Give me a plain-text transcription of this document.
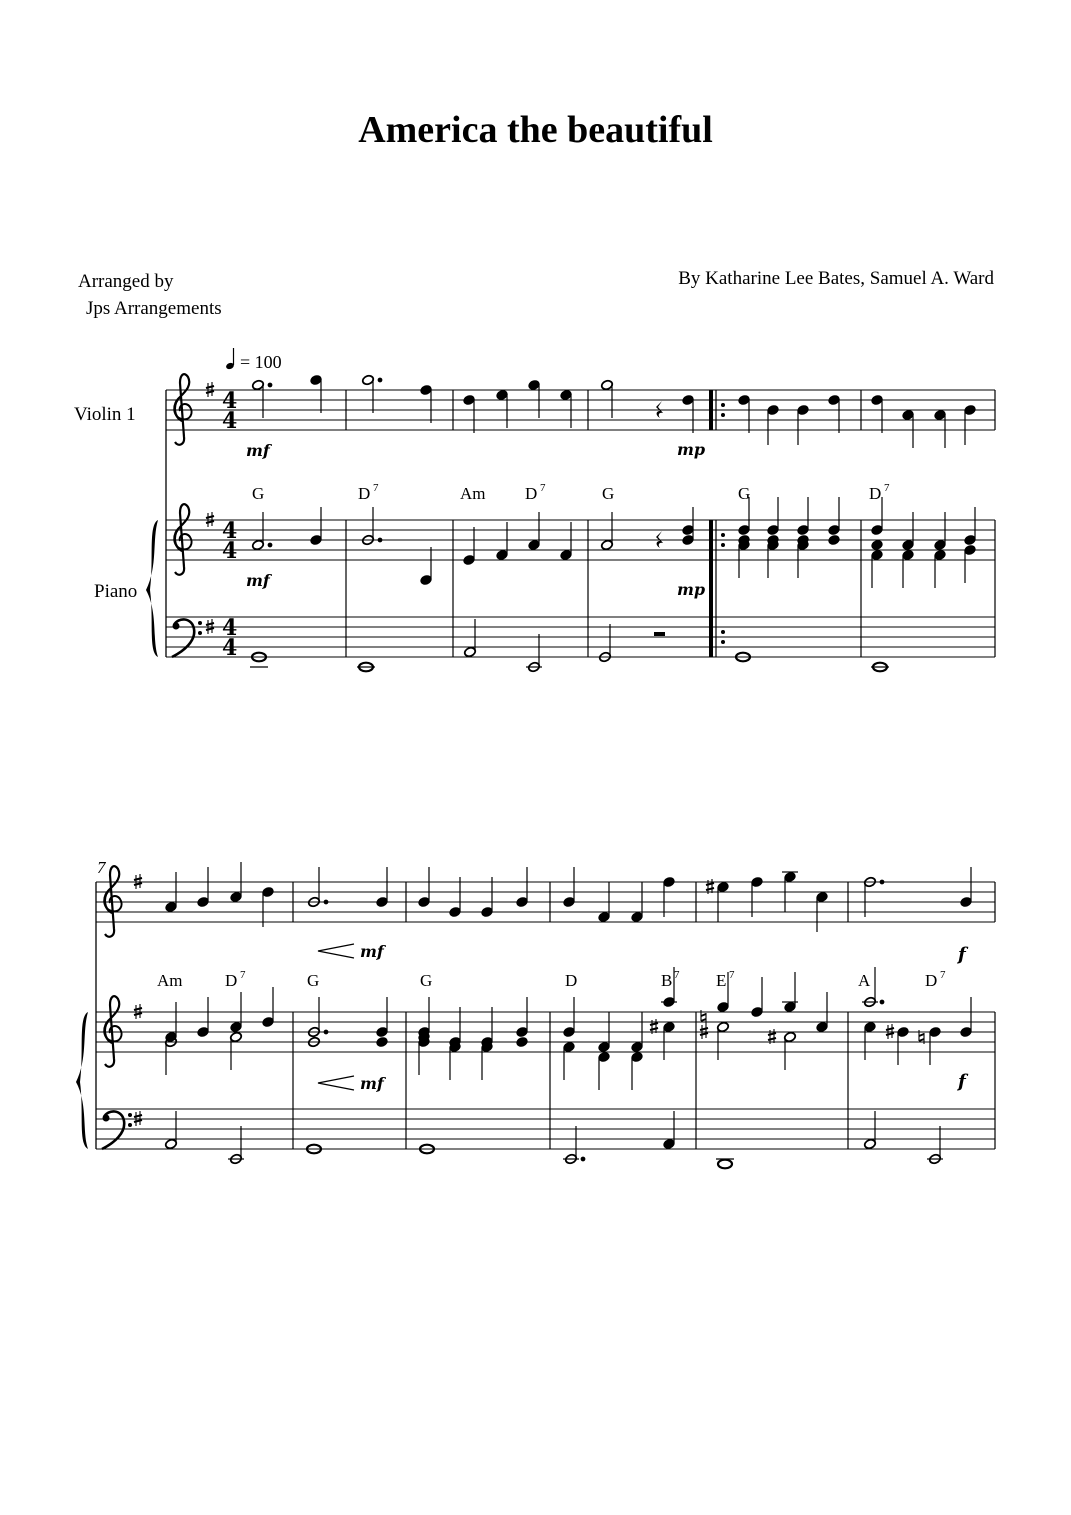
America the beautiful
Arranged by
Jps Arrangements
By Katharine Lee Bates, Samuel A. Ward
= 100
Violin 1
Piano
4
4
4
4
4
4
mf	mp
G	D 7	Am D 7	G	G	D 7
mf	mp
7
mf	f
Am	D 7	G	G	D	B 7 E 7	A	D 7
mf	f
